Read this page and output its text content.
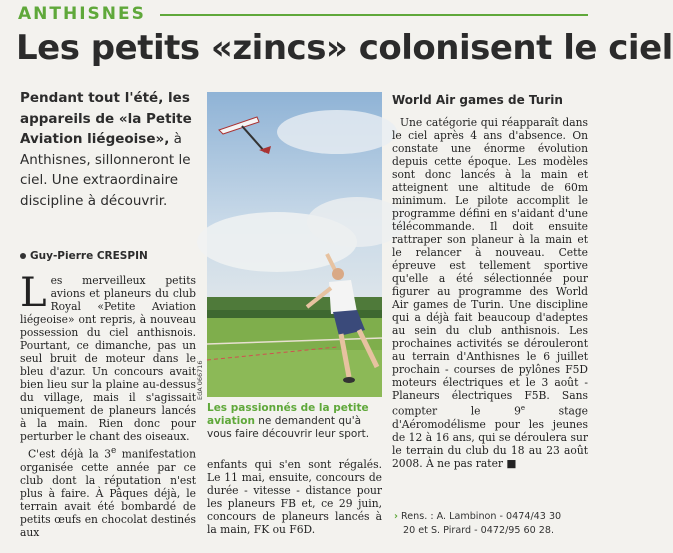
ANTHISNES
Les petits «zincs» colonisent le ciel
Pendant tout l'été, les appareils de «la Petite Aviation liégeoise», à Anthisnes, sillonneront le ciel. Une extraordinaire discipline à découvrir.
Guy-Pierre CRESPIN
L es merveilleux petits avions et planeurs du club Royal «Petite Aviation liégeoise» ont repris, à nouveau possession du ciel anthisnois. Pourtant, ce dimanche, pas un seul bruit de moteur dans le bleu d'azur. Un concours avait bien lieu sur la plaine au-dessus du village, mais il s'agissait uniquement de planeurs lancés à la main. Rien donc pour perturber le chant des oiseaux.

C'est déjà la 3e manifestation organisée cette année par ce club dont la réputation n'est plus à faire. À Pâques déjà, le terrain avait été bombardé de petits œufs en chocolat destinés aux

EdA 066716
Les passionnés de la petite aviation ne demandent qu'à vous faire découvrir leur sport.

enfants qui s'en sont régalés. Le 11 mai, ensuite, concours de durée - vitesse - distance pour les planeurs FB et, ce 29 juin, concours de planeurs lancés à la main, FK ou F6D.

World Air games de Turin

Une catégorie qui réapparaît dans le ciel après 4 ans d'absence. On constate une énorme évolution depuis cette époque. Les modèles sont donc lancés à la main et atteignent une altitude de 60m minimum. Le pilote accomplit le programme défini en s'aidant d'une télécommande. Il doit ensuite rattraper son planeur à la main et le relancer à nouveau. Cette épreuve est tellement sportive qu'elle a été sélectionnée pour figurer au programme des World Air games de Turin. Une discipline qui a déjà fait beaucoup d'adeptes au sein du club anthisnois. Les prochaines activités se dérouleront au terrain d'Anthisnes le 6 juillet prochain - courses de pylônes F5D moteurs électriques et le 3 août - Planeurs électriques F5B. Sans compter le 9e stage d'Aéromodélisme pour les jeunes de 12 à 16 ans, qui se déroulera sur le terrain du club du 18 au 23 août 2008. À ne pas rater ■

› Rens. : A. Lambinon - 0474/43 30
20 et S. Pirard - 0472/95 60 28.
